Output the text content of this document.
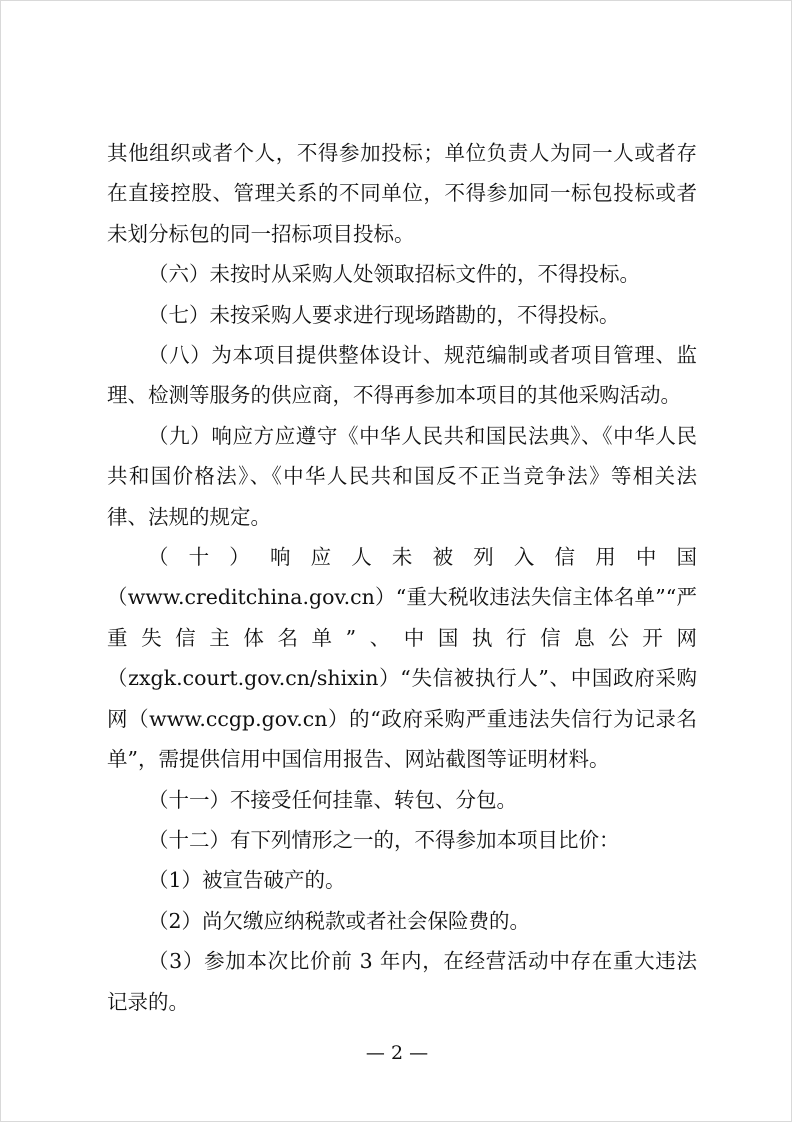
其他组织或者个人，不得参加投标；单位负责人为同一人或者存在直接控股、管理关系的不同单位，不得参加同一标包投标或者未划分标包的同一招标项目投标。

（六）未按时从采购人处领取招标文件的，不得投标。

（七）未按采购人要求进行现场踏勘的，不得投标。

（八）为本项目提供整体设计、规范编制或者项目管理、监理、检测等服务的供应商，不得再参加本项目的其他采购活动。

（九）响应方应遵守《中华人民共和国民法典》、《中华人民共和国价格法》、《中华人民共和国反不正当竞争法》等相关法律、法规的规定。

（十）响应人未被列入信用中国（www.creditchina.gov.cn）“重大税收违法失信主体名单”“严重失信主体名单”、中国执行信息公开网（zxgk.court.gov.cn/shixin）“失信被执行人”、中国政府采购网（www.ccgp.gov.cn）的“政府采购严重违法失信行为记录名单”，需提供信用中国信用报告、网站截图等证明材料。

（十一）不接受任何挂靠、转包、分包。

（十二）有下列情形之一的，不得参加本项目比价：

（1）被宣告破产的。

（2）尚欠缴应纳税款或者社会保险费的。

（3）参加本次比价前 3 年内，在经营活动中存在重大违法记录的。

— 2 —
